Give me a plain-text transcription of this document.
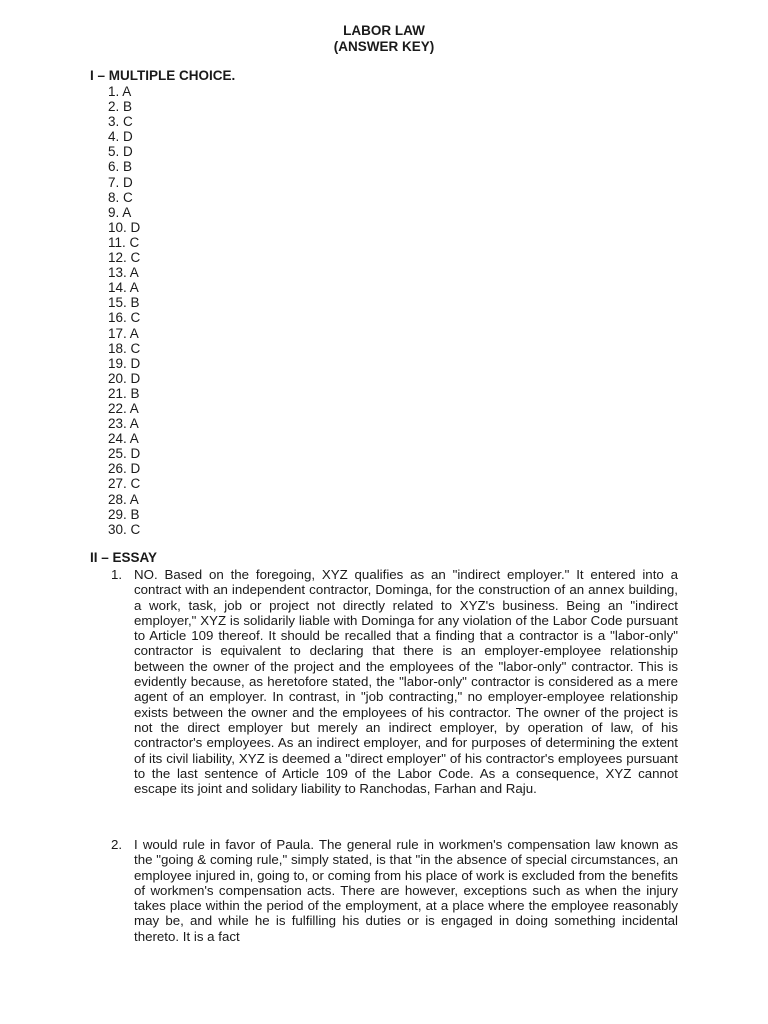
LABOR LAW
(ANSWER KEY)
I – MULTIPLE CHOICE.
1. A
2. B
3. C
4. D
5. D
6. B
7. D
8. C
9. A
10. D
11. C
12. C
13. A
14. A
15. B
16. C
17. A
18. C
19. D
20. D
21. B
22. A
23. A
24. A
25. D
26. D
27. C
28. A
29. B
30. C
II – ESSAY
1. NO. Based on the foregoing, XYZ qualifies as an "indirect employer." It entered into a contract with an independent contractor, Dominga, for the construction of an annex building, a work, task, job or project not directly related to XYZ's business. Being an "indirect employer," XYZ is solidarily liable with Dominga for any violation of the Labor Code pursuant to Article 109 thereof. It should be recalled that a finding that a contractor is a "labor-only" contractor is equivalent to declaring that there is an employer-employee relationship between the owner of the project and the employees of the "labor-only" contractor. This is evidently because, as heretofore stated, the "labor-only" contractor is considered as a mere agent of an employer. In contrast, in "job contracting," no employer-employee relationship exists between the owner and the employees of his contractor. The owner of the project is not the direct employer but merely an indirect employer, by operation of law, of his contractor's employees. As an indirect employer, and for purposes of determining the extent of its civil liability, XYZ is deemed a "direct employer" of his contractor's employees pursuant to the last sentence of Article 109 of the Labor Code. As a consequence, XYZ cannot escape its joint and solidary liability to Ranchodas, Farhan and Raju.
2. I would rule in favor of Paula. The general rule in workmen's compensation law known as the "going & coming rule," simply stated, is that "in the absence of special circumstances, an employee injured in, going to, or coming from his place of work is excluded from the benefits of workmen's compensation acts. There are however, exceptions such as when the injury takes place within the period of the employment, at a place where the employee reasonably may be, and while he is fulfilling his duties or is engaged in doing something incidental thereto. It is a fact
